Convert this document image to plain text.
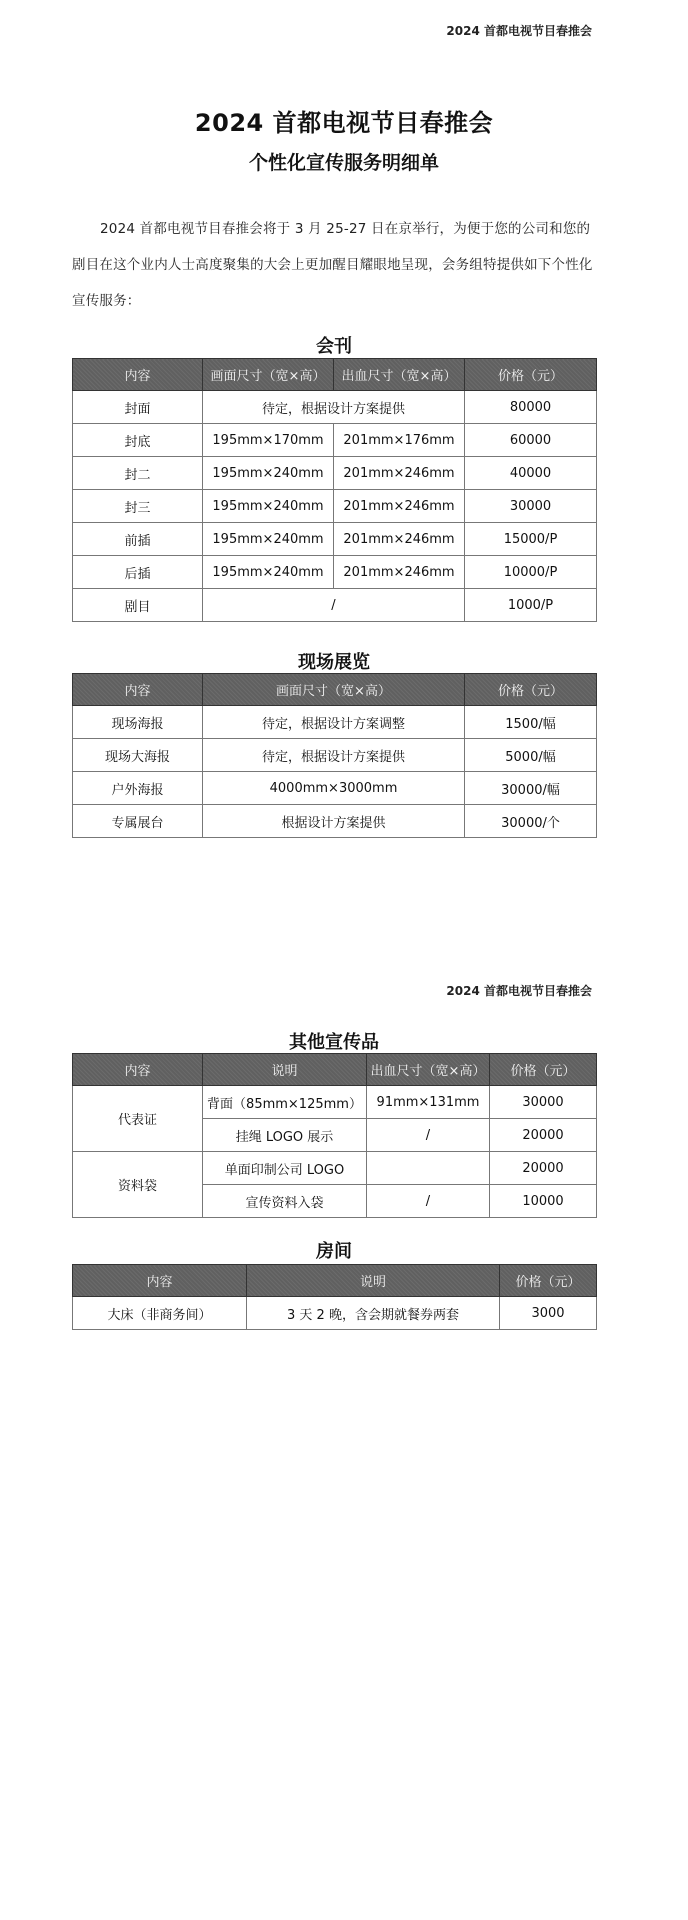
2024 首都电视节目春推会
2024 首都电视节目春推会
个性化宣传服务明细单

2024 首都电视节目春推会将于 3 月 25-27 日在京举行，为便于您的公司和您的剧目在这个业内人士高度聚集的大会上更加醒目耀眼地呈现，会务组特提供如下个性化宣传服务：

会刊
内容	画面尺寸（宽×高）	出血尺寸（宽×高）	价格（元）
封面	待定，根据设计方案提供		80000
封底	195mm×170mm	201mm×176mm	60000
封二	195mm×240mm	201mm×246mm	40000
封三	195mm×240mm	201mm×246mm	30000
前插	195mm×240mm	201mm×246mm	15000/P
后插	195mm×240mm	201mm×246mm	10000/P
剧目	/		1000/P
现场展览
内容	画面尺寸（宽×高）	价格（元）
现场海报	待定，根据设计方案调整	1500/幅
现场大海报	待定，根据设计方案提供	5000/幅
户外海报	4000mm×3000mm	30000/幅
专属展台	根据设计方案提供	30000/个
2024 首都电视节目春推会
其他宣传品
内容	说明	出血尺寸（宽×高）	价格（元）
代表证	背面（85mm×125mm）	91mm×131mm	30000
	挂绳 LOGO 展示	/	20000
资料袋	单面印制公司 LOGO		20000
	宣传资料入袋	/	10000
房间
内容	说明	价格（元）
大床（非商务间）	3 天 2 晚，含会期就餐券两套	3000
